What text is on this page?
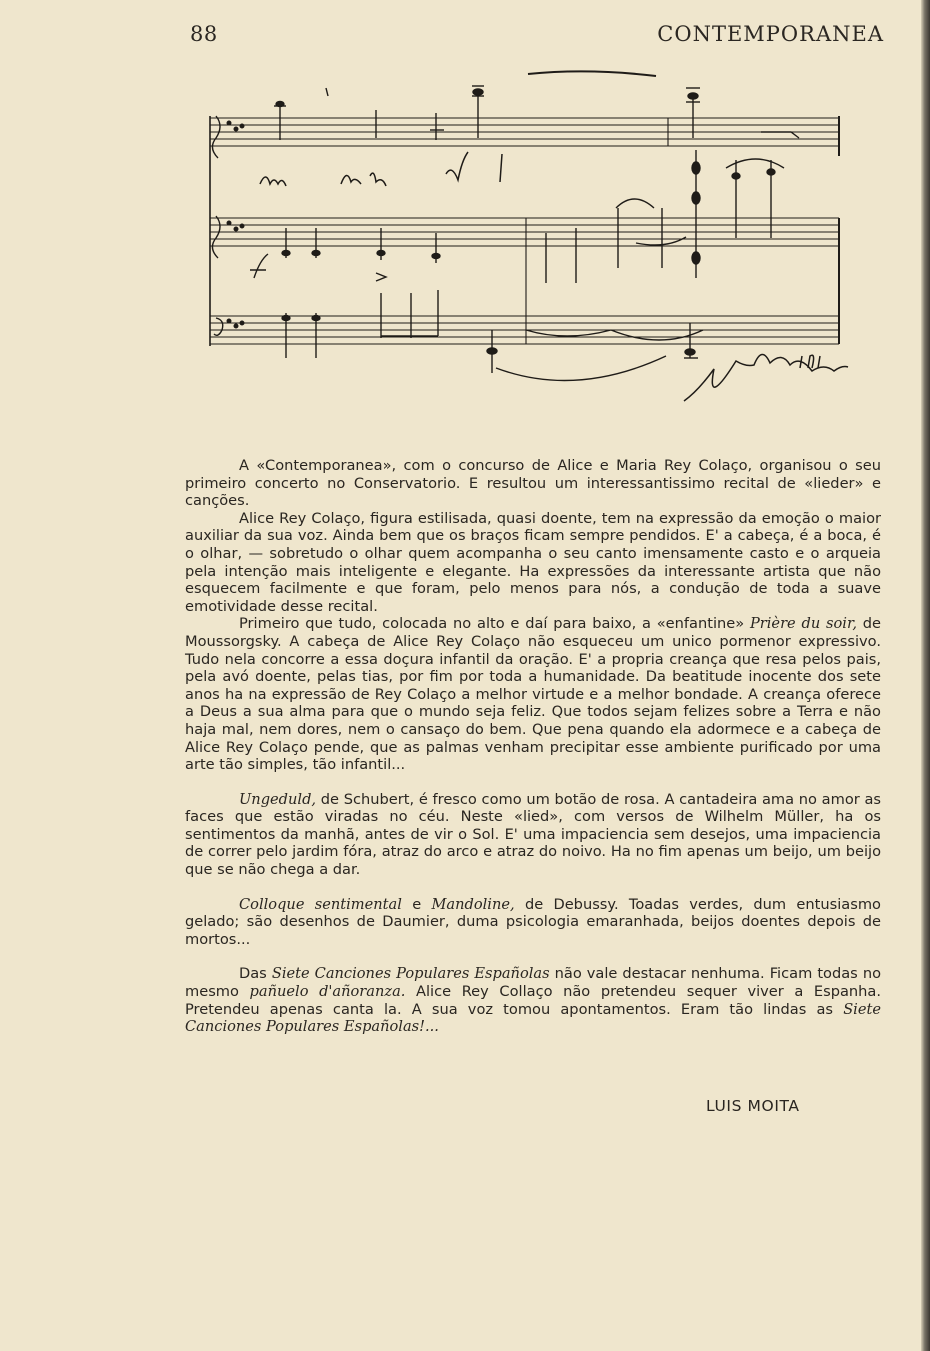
88	CONTEMPORANEA

A «Contemporanea», com o concurso de Alice e Maria Rey Colaço, organisou o seu primeiro concerto no Conservatorio. E resultou um interessantissimo recital de «lieder» e canções.

Alice Rey Colaço, figura estilisada, quasi doente, tem na expressão da emoção o maior auxiliar da sua voz. Ainda bem que os braços ficam sempre pendidos. E' a cabeça, é a boca, é o olhar, — sobretudo o olhar quem acompanha o seu canto imensamente casto e o arqueia pela intenção mais inteligente e elegante. Ha expressões da interessante artista que não esquecem facilmente e que foram, pelo menos para nós, a condução de toda a suave emotividade desse recital.

Primeiro que tudo, colocada no alto e daí para baixo, a «enfantine» Prière du soir, de Moussorgsky. A cabeça de Alice Rey Colaço não esqueceu um unico pormenor expressivo. Tudo nela concorre a essa doçura infantil da oração. E' a propria creança que resa pelos pais, pela avó doente, pelas tias, por fim por toda a humanidade. Da beatitude inocente dos sete anos ha na expressão de Rey Colaço a melhor virtude e a melhor bondade. A creança oferece a Deus a sua alma para que o mundo seja feliz. Que todos sejam felizes sobre a Terra e não haja mal, nem dores, nem o cansaço do bem. Que pena quando ela adormece e a cabeça de Alice Rey Colaço pende, que as palmas venham precipitar esse ambiente purificado por uma arte tão simples, tão infantil...

Ungeduld, de Schubert, é fresco como um botão de rosa. A cantadeira ama no amor as faces que estão viradas no céu. Neste «lied», com versos de Wilhelm Müller, ha os sentimentos da manhã, antes de vir o Sol. E' uma impaciencia sem desejos, uma impaciencia de correr pelo jardim fóra, atraz do arco e atraz do noivo. Ha no fim apenas um beijo, um beijo que se não chega a dar.

Colloque sentimental e Mandoline, de Debussy. Toadas verdes, dum entusiasmo gelado; são desenhos de Daumier, duma psicologia emaranhada, beijos doentes depois de mortos...

Das Siete Canciones Populares Españolas não vale destacar nenhuma. Ficam todas no mesmo pañuelo d'añoranza. Alice Rey Collaço não pretendeu sequer viver a Espanha. Pretendeu apenas canta la. A sua voz tomou apontamentos. Eram tão lindas as Siete Canciones Populares Españolas!...

LUIS MOITA
